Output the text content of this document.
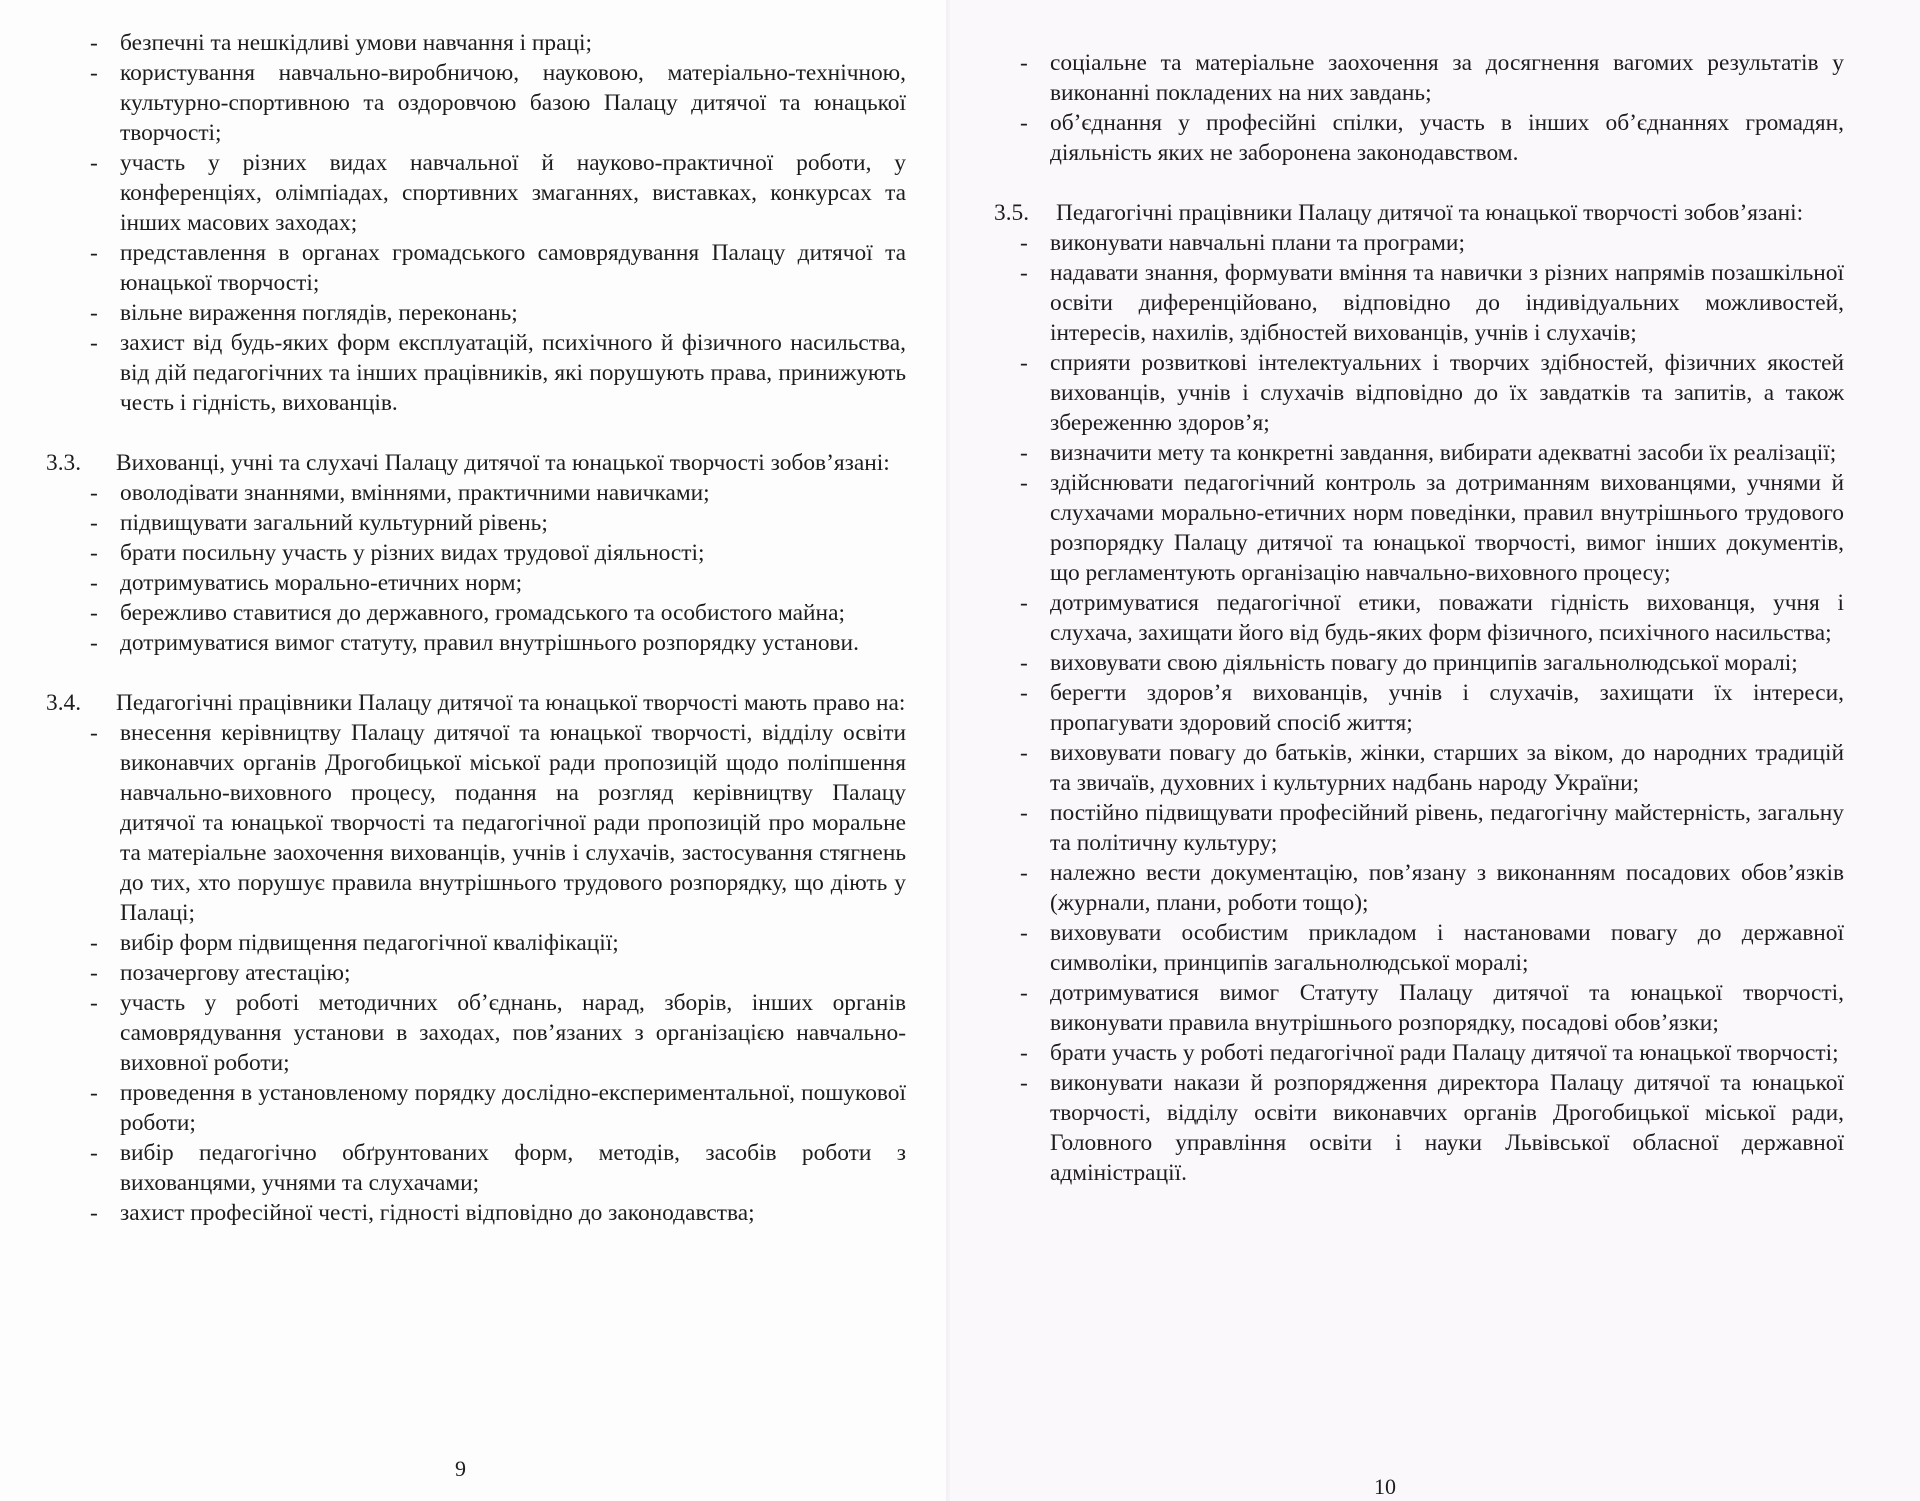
- безпечні та нешкідливі умови навчання і праці;
- користування навчально-виробничою, науковою, матеріально-технічною, культурно-спортивною та оздоровчою базою Палацу дитячої та юнацької творчості;
- участь у різних видах навчальної й науково-практичної роботи, у конференціях, олімпіадах, спортивних змаганнях, виставках, конкурсах та інших масових заходах;
- представлення в органах громадського самоврядування Палацу дитячої та юнацької творчості;
- вільне вираження поглядів, переконань;
- захист від будь-яких форм експлуатацій, психічного й фізичного насильства, від дій педагогічних та інших працівників, які порушують права, принижують честь і гідність, вихованців.
3.3. Вихованці, учні та слухачі Палацу дитячої та юнацької творчості зобов’язані:
- оволодівати знаннями, вміннями, практичними навичками;
- підвищувати загальний культурний рівень;
- брати посильну участь у різних видах трудової діяльності;
- дотримуватись морально-етичних норм;
- бережливо ставитися до державного, громадського та особистого майна;
- дотримуватися вимог статуту, правил внутрішнього розпорядку установи.
3.4. Педагогічні працівники Палацу дитячої та юнацької творчості мають право на:
- внесення керівництву Палацу дитячої та юнацької творчості, відділу освіти виконавчих органів Дрогобицької міської ради пропозицій щодо поліпшення навчально-виховного процесу, подання на розгляд керівництву Палацу дитячої та юнацької творчості та педагогічної ради пропозицій про моральне та матеріальне заохочення вихованців, учнів і слухачів, застосування стягнень до тих, хто порушує правила внутрішнього трудового розпорядку, що діють у Палаці;
- вибір форм підвищення педагогічної кваліфікації;
- позачергову атестацію;
- участь у роботі методичних об’єднань, нарад, зборів, інших органів самоврядування установи в заходах, пов’язаних з організацією навчально-виховної роботи;
- проведення в установленому порядку дослідно-експериментальної, пошукової роботи;
- вибір педагогічно обґрунтованих форм, методів, засобів роботи з вихованцями, учнями та слухачами;
- захист професійної честі, гідності відповідно до законодавства;
9
- соціальне та матеріальне заохочення за досягнення вагомих результатів у виконанні покладених на них завдань;
- об’єднання у професійні спілки, участь в інших об’єднаннях громадян, діяльність яких не заборонена законодавством.
3.5. Педагогічні працівники Палацу дитячої та юнацької творчості зобов’язані:
- виконувати навчальні плани та програми;
- надавати знання, формувати вміння та навички з різних напрямів позашкільної освіти диференційовано, відповідно до індивідуальних можливостей, інтересів, нахилів, здібностей вихованців, учнів і слухачів;
- сприяти розвиткові інтелектуальних і творчих здібностей, фізичних якостей вихованців, учнів і слухачів відповідно до їх завдатків та запитів, а також збереженню здоров’я;
- визначити мету та конкретні завдання, вибирати адекватні засоби їх реалізації;
- здійснювати педагогічний контроль за дотриманням вихованцями, учнями й слухачами морально-етичних норм поведінки, правил внутрішнього трудового розпорядку Палацу дитячої та юнацької творчості, вимог інших документів, що регламентують організацію навчально-виховного процесу;
- дотримуватися педагогічної етики, поважати гідність вихованця, учня і слухача, захищати його від будь-яких форм фізичного, психічного насильства;
- виховувати свою діяльність повагу до принципів загальнолюдської моралі;
- берегти здоров’я вихованців, учнів і слухачів, захищати їх інтереси, пропагувати здоровий спосіб життя;
- виховувати повагу до батьків, жінки, старших за віком, до народних традицій та звичаїв, духовних і культурних надбань народу України;
- постійно підвищувати професійний рівень, педагогічну майстерність, загальну та політичну культуру;
- належно вести документацію, пов’язану з виконанням посадових обов’язків (журнали, плани, роботи тощо);
- виховувати особистим прикладом і настановами повагу до державної символіки, принципів загальнолюдської моралі;
- дотримуватися вимог Статуту Палацу дитячої та юнацької творчості, виконувати правила внутрішнього розпорядку, посадові обов’язки;
- брати участь у роботі педагогічної ради Палацу дитячої та юнацької творчості;
- виконувати накази й розпорядження директора Палацу дитячої та юнацької творчості, відділу освіти виконавчих органів Дрогобицької міської ради, Головного управління освіти і науки Львівської обласної державної адміністрації.
10
